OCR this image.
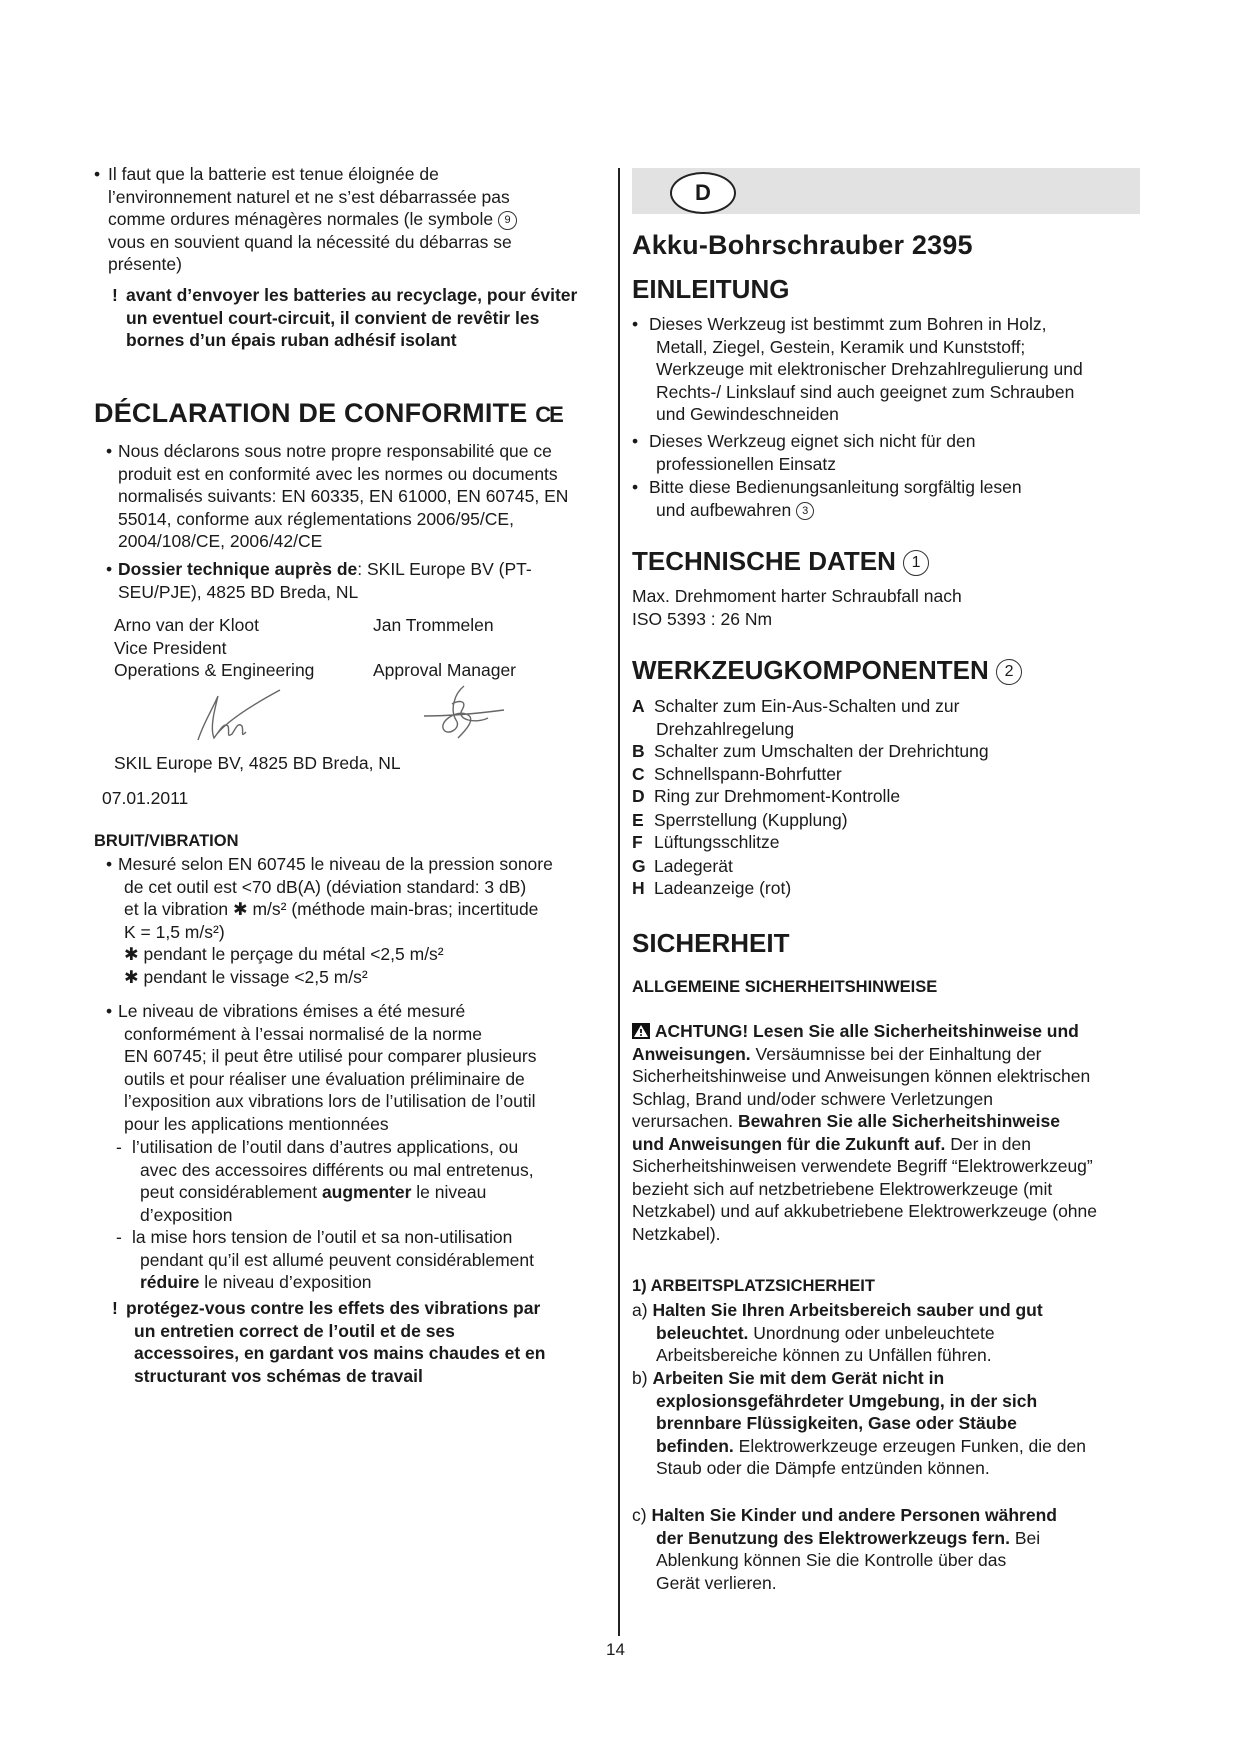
• Il faut que la batterie est tenue éloignée de l’environnement naturel et ne s’est débarrassée pas comme ordures ménagères normales (le symbole 9 vous en souvient quand la nécessité du débarras se présente)
! avant d’envoyer les batteries au recyclage, pour éviter un eventuel court-circuit, il convient de revêtir les bornes d’un épais ruban adhésif isolant
DÉCLARATION DE CONFORMITE CE
• Nous déclarons sous notre propre responsabilité que ce produit est en conformité avec les normes ou documents normalisés suivants: EN 60335, EN 61000, EN 60745, EN 55014, conforme aux réglementations 2006/95/CE, 2004/108/CE, 2006/42/CE
• Dossier technique auprès de: SKIL Europe BV (PT-SEU/PJE), 4825 BD Breda, NL
Arno van der Kloot
Vice President
Operations & Engineering
Jan Trommelen
Approval Manager
SKIL Europe BV, 4825 BD Breda, NL
07.01.2011
BRUIT/VIBRATION
• Mesuré selon EN 60745 le niveau de la pression sonore
de cet outil est <70 dB(A) (déviation standard: 3 dB)
et la vibration ✱ m/s² (méthode main-bras; incertitude
K = 1,5 m/s²)
✱ pendant le perçage du métal <2,5 m/s²
✱ pendant le vissage <2,5 m/s²
• Le niveau de vibrations émises a été mesuré
conformément à l’essai normalisé de la norme
EN 60745; il peut être utilisé pour comparer plusieurs
outils et pour réaliser une évaluation préliminaire de
l’exposition aux vibrations lors de l’utilisation de l’outil
pour les applications mentionnées
- l’utilisation de l’outil dans d’autres applications, ou
avec des accessoires différents ou mal entretenus,
peut considérablement augmenter le niveau
d’exposition
- la mise hors tension de l’outil et sa non-utilisation
pendant qu’il est allumé peuvent considérablement
réduire le niveau d’exposition
! protégez-vous contre les effets des vibrations par
un entretien correct de l’outil et de ses
accessoires, en gardant vos mains chaudes et en
structurant vos schémas de travail
D
Akku-Bohrschrauber 2395
EINLEITUNG
• Dieses Werkzeug ist bestimmt zum Bohren in Holz,
Metall, Ziegel, Gestein, Keramik und Kunststoff;
Werkzeuge mit elektronischer Drehzahlregulierung und
Rechts-/ Linkslauf sind auch geeignet zum Schrauben
und Gewindeschneiden
• Dieses Werkzeug eignet sich nicht für den
professionellen Einsatz
• Bitte diese Bedienungsanleitung sorgfältig lesen
und aufbewahren 3
TECHNISCHE DATEN 1
Max. Drehmoment harter Schraubfall nach
ISO 5393 : 26 Nm
WERKZEUGKOMPONENTEN 2
A Schalter zum Ein-Aus-Schalten und zur
Drehzahlregelung
B Schalter zum Umschalten der Drehrichtung
C Schnellspann-Bohrfutter
D Ring zur Drehmoment-Kontrolle
E Sperrstellung (Kupplung)
F Lüftungsschlitze
G Ladegerät
H Ladeanzeige (rot)
SICHERHEIT
ALLGEMEINE SICHERHEITSHINWEISE
ACHTUNG! Lesen Sie alle Sicherheitshinweise und
Anweisungen. Versäumnisse bei der Einhaltung der
Sicherheitshinweise und Anweisungen können elektrischen
Schlag, Brand und/oder schwere Verletzungen
verursachen. Bewahren Sie alle Sicherheitshinweise
und Anweisungen für die Zukunft auf. Der in den
Sicherheitshinweisen verwendete Begriff “Elektrowerkzeug”
bezieht sich auf netzbetriebene Elektrowerkzeuge (mit
Netzkabel) und auf akkubetriebene Elektrowerkzeuge (ohne
Netzkabel).
1) ARBEITSPLATZSICHERHEIT
a) Halten Sie Ihren Arbeitsbereich sauber und gut
beleuchtet. Unordnung oder unbeleuchtete
Arbeitsbereiche können zu Unfällen führen.
b) Arbeiten Sie mit dem Gerät nicht in
explosionsgefährdeter Umgebung, in der sich
brennbare Flüssigkeiten, Gase oder Stäube
befinden. Elektrowerkzeuge erzeugen Funken, die den
Staub oder die Dämpfe entzünden können.
c) Halten Sie Kinder und andere Personen während
der Benutzung des Elektrowerkzeugs fern. Bei
Ablenkung können Sie die Kontrolle über das
Gerät verlieren.
14
